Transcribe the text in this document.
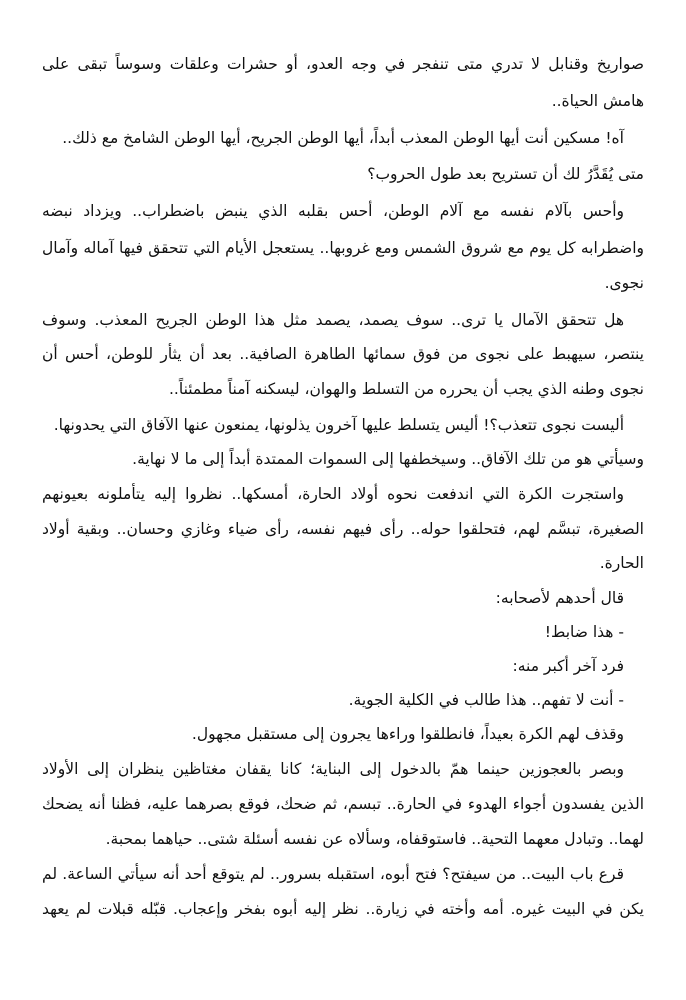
صواريخ وقنابل لا تدري متى تنفجر في وجه العدو، أو حشرات وعلقات وسوساً تبقى على
هامش الحياة..
آه! مسكين أنت أيها الوطن المعذب أبداً، أيها الوطن الجريح، أيها الوطن الشامخ مع ذلك..
متى يُقَدَّرُ لك أن تستريح بعد طول الحروب؟
وأحس بآلام نفسه مع آلام الوطن، أحس بقلبه الذي ينبض باضطراب.. ويزداد نبضه
واضطرابه كل يوم مع شروق الشمس ومع غروبها.. يستعجل الأيام التي تتحقق فيها آماله وآمال
نجوى.
هل تتحقق الآمال يا ترى.. سوف يصمد، يصمد مثل هذا الوطن الجريح المعذب. وسوف
ينتصر، سيهبط على نجوى من فوق سمائها الطاهرة الصافية.. بعد أن يثأر للوطن، أحس أن
نجوى وطنه الذي يجب أن يحرره من التسلط والهوان، ليسكنه آمناً مطمئناً..
أليست نجوى تتعذب؟! أليس يتسلط عليها آخرون يذلونها، يمنعون عنها الآفاق التي يحدونها.
وسيأتي هو من تلك الآفاق.. وسيخطفها إلى السموات الممتدة أبداً إلى ما لا نهاية.
واستجرت الكرة التي اندفعت نحوه أولاد الحارة، أمسكها.. نظروا إليه يتأملونه بعيونهم
الصغيرة، تبسَّم لهم، فتحلقوا حوله.. رأى فيهم نفسه، رأى ضياء وغازي وحسان.. وبقية أولاد
الحارة.
قال أحدهم لأصحابه:
- هذا ضابط!
فرد آخر أكبر منه:
- أنت لا تفهم.. هذا طالب في الكلية الجوية.
وقذف لهم الكرة بعيداً، فانطلقوا وراءها يجرون إلى مستقبل مجهول.
وبصر بالعجوزين حينما همّ بالدخول إلى البناية؛ كانا يقفان مغتاظين ينظران إلى الأولاد
الذين يفسدون أجواء الهدوء في الحارة.. تبسم، ثم ضحك، فوقع بصرهما عليه، فظنا أنه يضحك
لهما.. وتبادل معهما التحية.. فاستوقفاه، وسألاه عن نفسه أسئلة شتى.. حياهما بمحبة.
قرع باب البيت.. من سيفتح؟ فتح أبوه، استقبله بسرور.. لم يتوقع أحد أنه سيأتي الساعة. لم
يكن في البيت غيره. أمه وأخته في زيارة.. نظر إليه أبوه بفخر وإعجاب. قبّله قبلات لم يعهد
